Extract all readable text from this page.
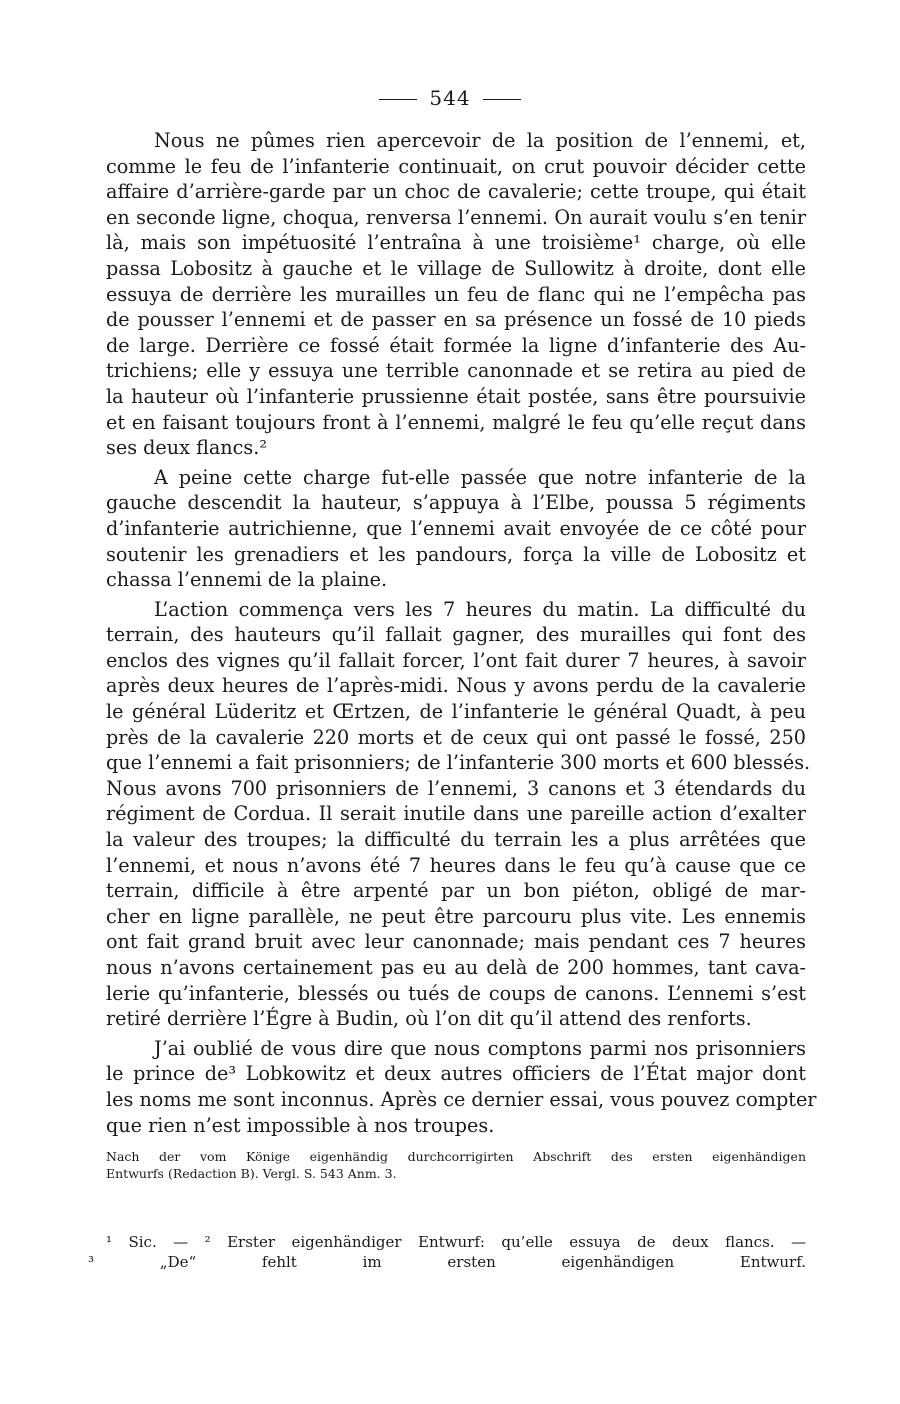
544
Nous ne pûmes rien apercevoir de la position de l’ennemi, et,
comme le feu de l’infanterie continuait, on crut pouvoir décider cette
affaire d’arrière-garde par un choc de cavalerie; cette troupe, qui était
en seconde ligne, choqua, renversa l’ennemi. On aurait voulu s’en tenir
là, mais son impétuosité l’entraîna à une troisième¹ charge, où elle
passa Lobositz à gauche et le village de Sullowitz à droite, dont elle
essuya de derrière les murailles un feu de flanc qui ne l’empêcha pas
de pousser l’ennemi et de passer en sa présence un fossé de 10 pieds
de large. Derrière ce fossé était formée la ligne d’infanterie des Au-
trichiens; elle y essuya une terrible canonnade et se retira au pied de
la hauteur où l’infanterie prussienne était postée, sans être poursuivie
et en faisant toujours front à l’ennemi, malgré le feu qu’elle reçut dans
ses deux flancs.²
A peine cette charge fut-elle passée que notre infanterie de la
gauche descendit la hauteur, s’appuya à l’Elbe, poussa 5 régiments
d’infanterie autrichienne, que l’ennemi avait envoyée de ce côté pour
soutenir les grenadiers et les pandours, força la ville de Lobositz et
chassa l’ennemi de la plaine.
L’action commença vers les 7 heures du matin. La difficulté du
terrain, des hauteurs qu’il fallait gagner, des murailles qui font des
enclos des vignes qu’il fallait forcer, l’ont fait durer 7 heures, à savoir
après deux heures de l’après-midi. Nous y avons perdu de la cavalerie
le général Lüderitz et Œrtzen, de l’infanterie le général Quadt, à peu
près de la cavalerie 220 morts et de ceux qui ont passé le fossé, 250
que l’ennemi a fait prisonniers; de l’infanterie 300 morts et 600 blessés.
Nous avons 700 prisonniers de l’ennemi, 3 canons et 3 étendards du
régiment de Cordua. Il serait inutile dans une pareille action d’exalter
la valeur des troupes; la difficulté du terrain les a plus arrêtées que
l’ennemi, et nous n’avons été 7 heures dans le feu qu’à cause que ce
terrain, difficile à être arpenté par un bon piéton, obligé de mar-
cher en ligne parallèle, ne peut être parcouru plus vite. Les ennemis
ont fait grand bruit avec leur canonnade; mais pendant ces 7 heures
nous n’avons certainement pas eu au delà de 200 hommes, tant cava-
lerie qu’infanterie, blessés ou tués de coups de canons. L’ennemi s’est
retiré derrière l’Égre à Budin, où l’on dit qu’il attend des renforts.
J’ai oublié de vous dire que nous comptons parmi nos prisonniers
le prince de³ Lobkowitz et deux autres officiers de l’État major dont
les noms me sont inconnus. Après ce dernier essai, vous pouvez compter
que rien n’est impossible à nos troupes.
Nach der vom Könige eigenhändig durchcorrigirten Abschrift des ersten eigenhändigen
Entwurfs (Redaction B). Vergl. S. 543 Anm. 3.
¹ Sic. — ² Erster eigenhändiger Entwurf: qu’elle essuya de deux flancs. —
³ „De“ fehlt im ersten eigenhändigen Entwurf.
